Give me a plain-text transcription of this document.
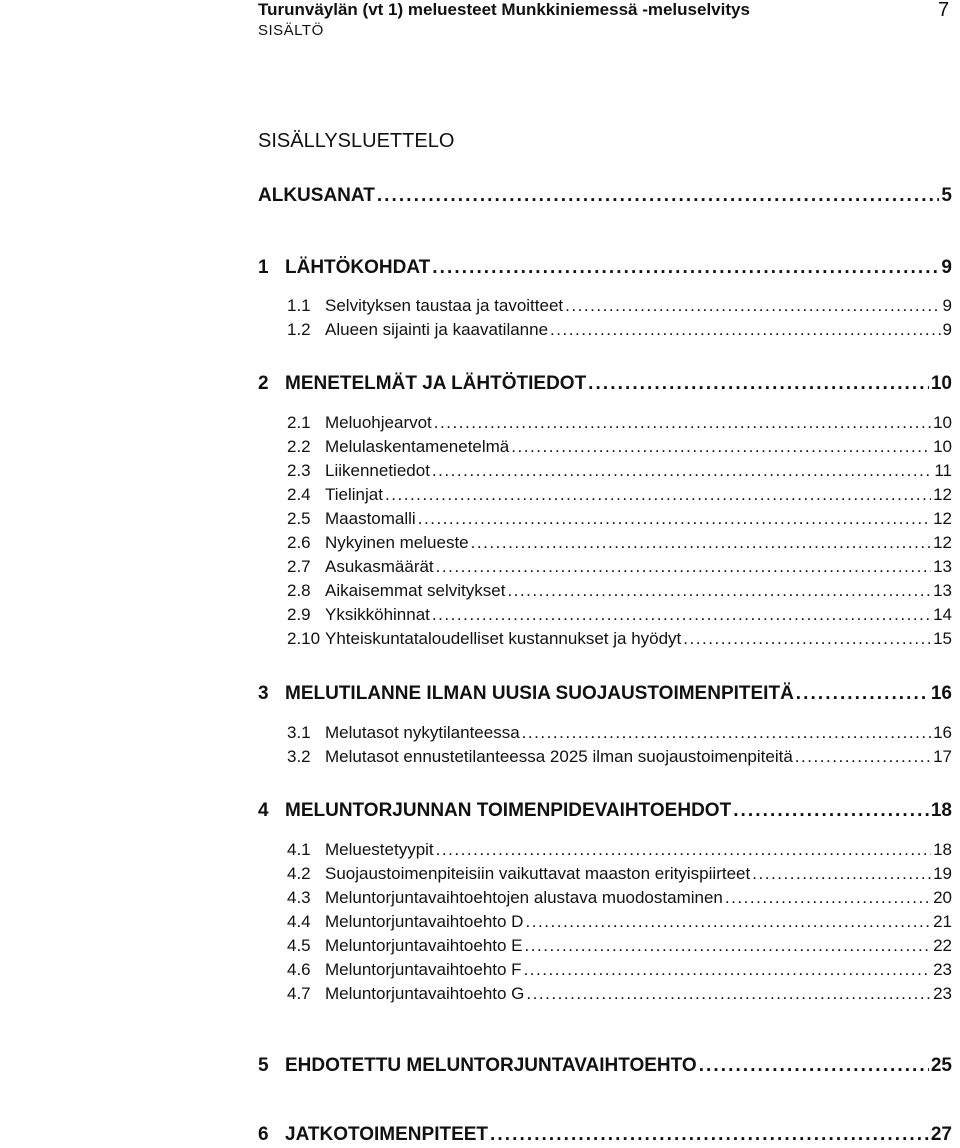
Turunväylän (vt 1) meluesteet Munkkiniemessä -meluselvitys
SISÄLTÖ
7
SISÄLLYSLUETTELO
ALKUSANAT . . .	5
1 LÄHTÖKOHDAT . . .	9
1.1 Selvityksen taustaa ja tavoitteet . . .	9
1.2 Alueen sijainti ja kaavatilanne . . .	9
2 MENETELMÄT JA LÄHTÖTIEDOT . . .	10
2.1 Meluohjearvot . . .	10
2.2 Melulaskentamenetelmä . . .	10
2.3 Liikennetiedot . . .	11
2.4 Tielinjat . . .	12
2.5 Maastomalli . . .	12
2.6 Nykyinen melueste . . .	12
2.7 Asukasmäärät . . .	13
2.8 Aikaisemmat selvitykset . . .	13
2.9 Yksikköhinnat . . .	14
2.10 Yhteiskuntataloudelliset kustannukset ja hyödyt . . .	15
3 MELUTILANNE ILMAN UUSIA SUOJAUSTOIMENPITEITÄ . . .	16
3.1 Melutasot nykytilanteessa . . .	16
3.2 Melutasot ennustetilanteessa 2025 ilman suojaustoimenpiteitä . . .	17
4 MELUNTORJUNNAN TOIMENPIDEVAIHTOEHDOT . . .	18
4.1 Meluestetyypit . . .	18
4.2 Suojaustoimenpiteisiin vaikuttavat maaston erityispiirteet . . .	19
4.3 Meluntorjuntavaihtoehtojen alustava muodostaminen . . .	20
4.4 Meluntorjuntavaihtoehto D . . .	21
4.5 Meluntorjuntavaihtoehto E . . .	22
4.6 Meluntorjuntavaihtoehto F . . .	23
4.7 Meluntorjuntavaihtoehto G . . .	23
5 EHDOTETTU MELUNTORJUNTAVAIHTOEHTO . . .	25
6 JATKOTOIMENPITEET . . .	27
